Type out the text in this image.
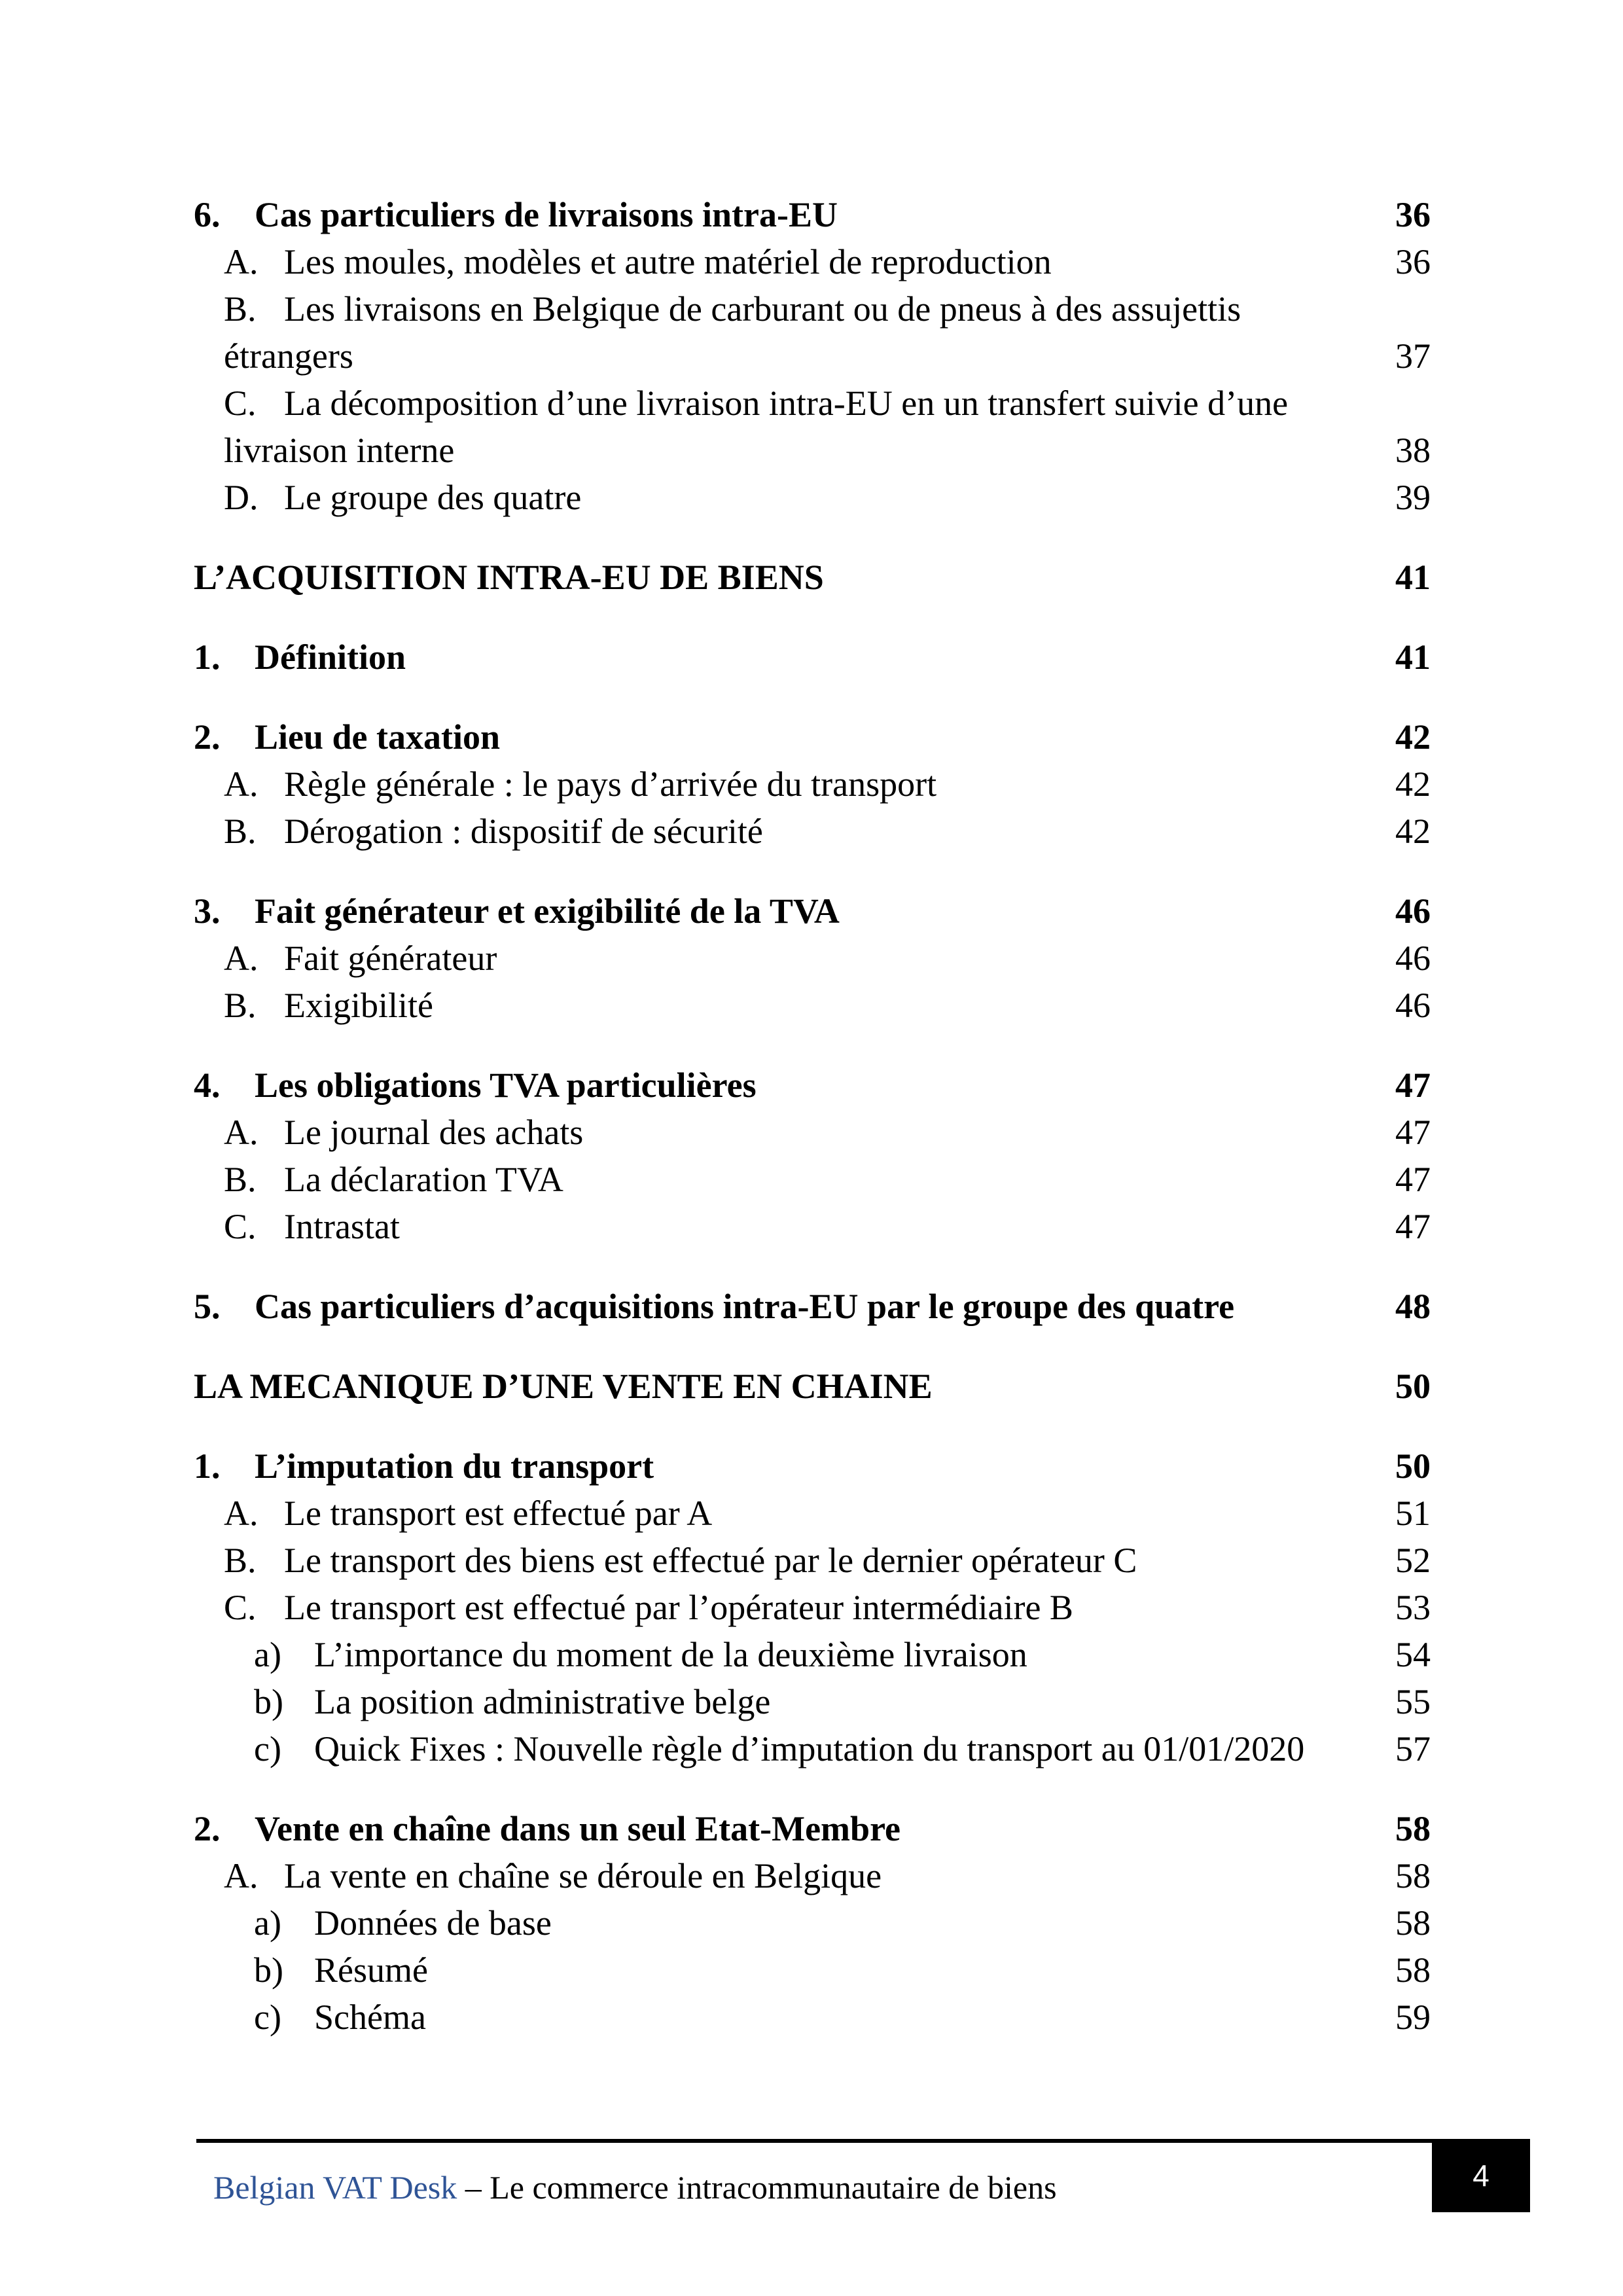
6. Cas particuliers de livraisons intra-EU	36
A. Les moules, modèles et autre matériel de reproduction	36
B. Les livraisons en Belgique de carburant ou de pneus à des assujettis
étrangers	37
C. La décomposition d’une livraison intra-EU en un transfert suivie d’une
livraison interne	38
D. Le groupe des quatre	39
L’ACQUISITION INTRA-EU DE BIENS	41
1. Définition	41
2. Lieu de taxation	42
A. Règle générale : le pays d’arrivée du transport	42
B. Dérogation : dispositif de sécurité	42
3. Fait générateur et exigibilité de la TVA	46
A. Fait générateur	46
B. Exigibilité	46
4. Les obligations TVA particulières	47
A. Le journal des achats	47
B. La déclaration TVA	47
C. Intrastat	47
5. Cas particuliers d’acquisitions intra-EU par le groupe des quatre	48
LA MECANIQUE D’UNE VENTE EN CHAINE	50
1. L’imputation du transport	50
A. Le transport est effectué par A	51
B. Le transport des biens est effectué par le dernier opérateur C	52
C. Le transport est effectué par l’opérateur intermédiaire B	53
a) L’importance du moment de la deuxième livraison	54
b) La position administrative belge	55
c) Quick Fixes : Nouvelle règle d’imputation du transport au 01/01/2020	57
2. Vente en chaîne dans un seul Etat-Membre	58
A. La vente en chaîne se déroule en Belgique	58
a) Données de base	58
b) Résumé	58
c) Schéma	59
Belgian VAT Desk – Le commerce intracommunautaire de biens	4
